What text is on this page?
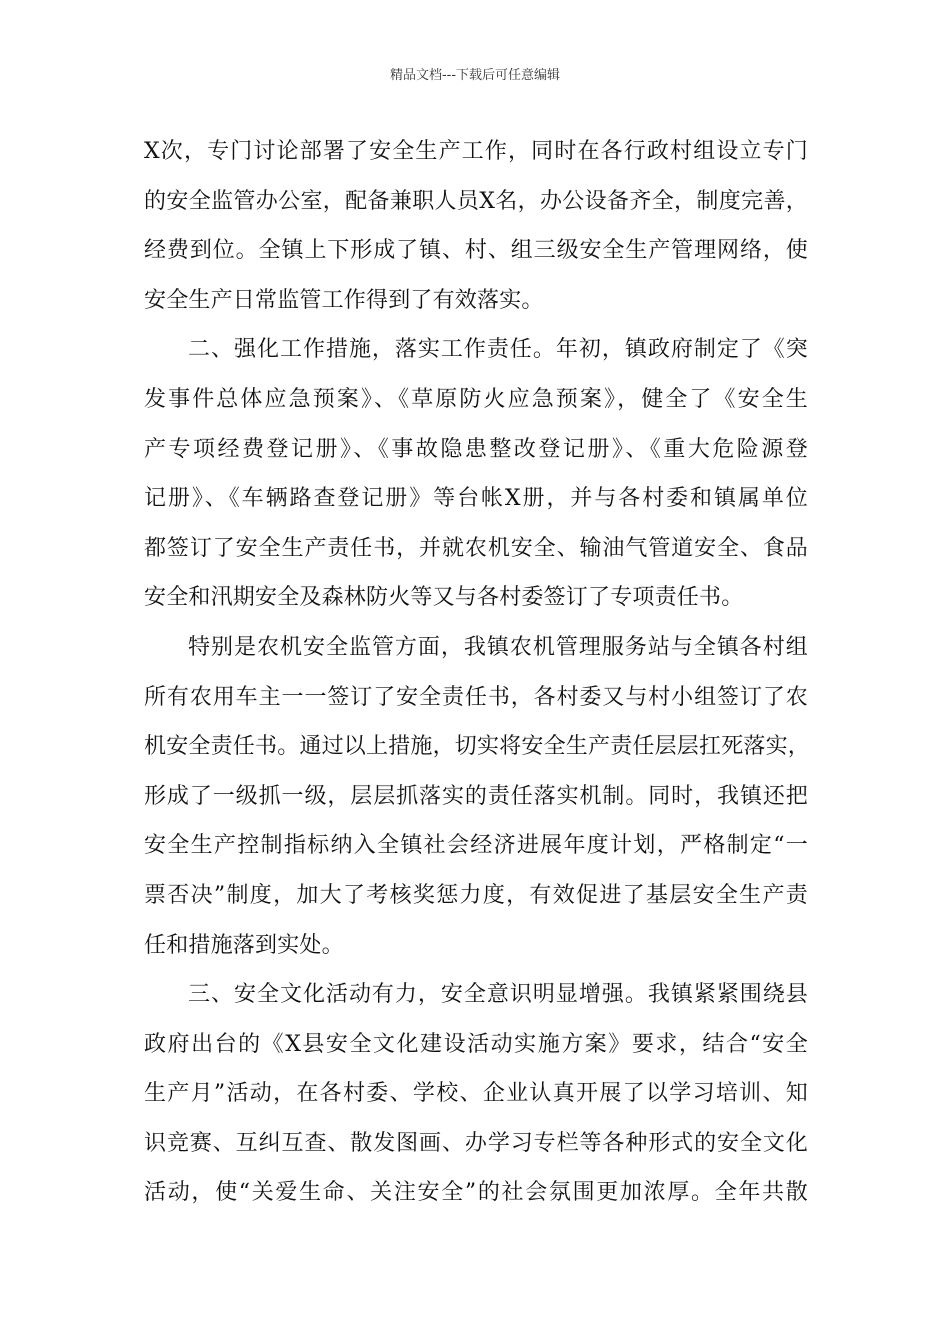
精品文档---下载后可任意编辑
X次，专门讨论部署了安全生产工作，同时在各行政村组设立专门
的安全监管办公室，配备兼职人员X名，办公设备齐全，制度完善，
经费到位。全镇上下形成了镇、村、组三级安全生产管理网络，使
安全生产日常监管工作得到了有效落实。
二、强化工作措施，落实工作责任。年初，镇政府制定了《突
发事件总体应急预案》、《草原防火应急预案》，健全了《安全生
产专项经费登记册》、《事故隐患整改登记册》、《重大危险源登
记册》、《车辆路查登记册》等台帐X册，并与各村委和镇属单位
都签订了安全生产责任书，并就农机安全、输油气管道安全、食品
安全和汛期安全及森林防火等又与各村委签订了专项责任书。
特别是农机安全监管方面，我镇农机管理服务站与全镇各村组
所有农用车主一一签订了安全责任书，各村委又与村小组签订了农
机安全责任书。通过以上措施，切实将安全生产责任层层扛死落实，
形成了一级抓一级，层层抓落实的责任落实机制。同时，我镇还把
安全生产控制指标纳入全镇社会经济进展年度计划，严格制定“一
票否决”制度，加大了考核奖惩力度，有效促进了基层安全生产责
任和措施落到实处。
三、安全文化活动有力，安全意识明显增强。我镇紧紧围绕县
政府出台的《X县安全文化建设活动实施方案》要求，结合“安全
生产月”活动，在各村委、学校、企业认真开展了以学习培训、知
识竞赛、互纠互查、散发图画、办学习专栏等各种形式的安全文化
活动，使“关爱生命、关注安全”的社会氛围更加浓厚。全年共散
